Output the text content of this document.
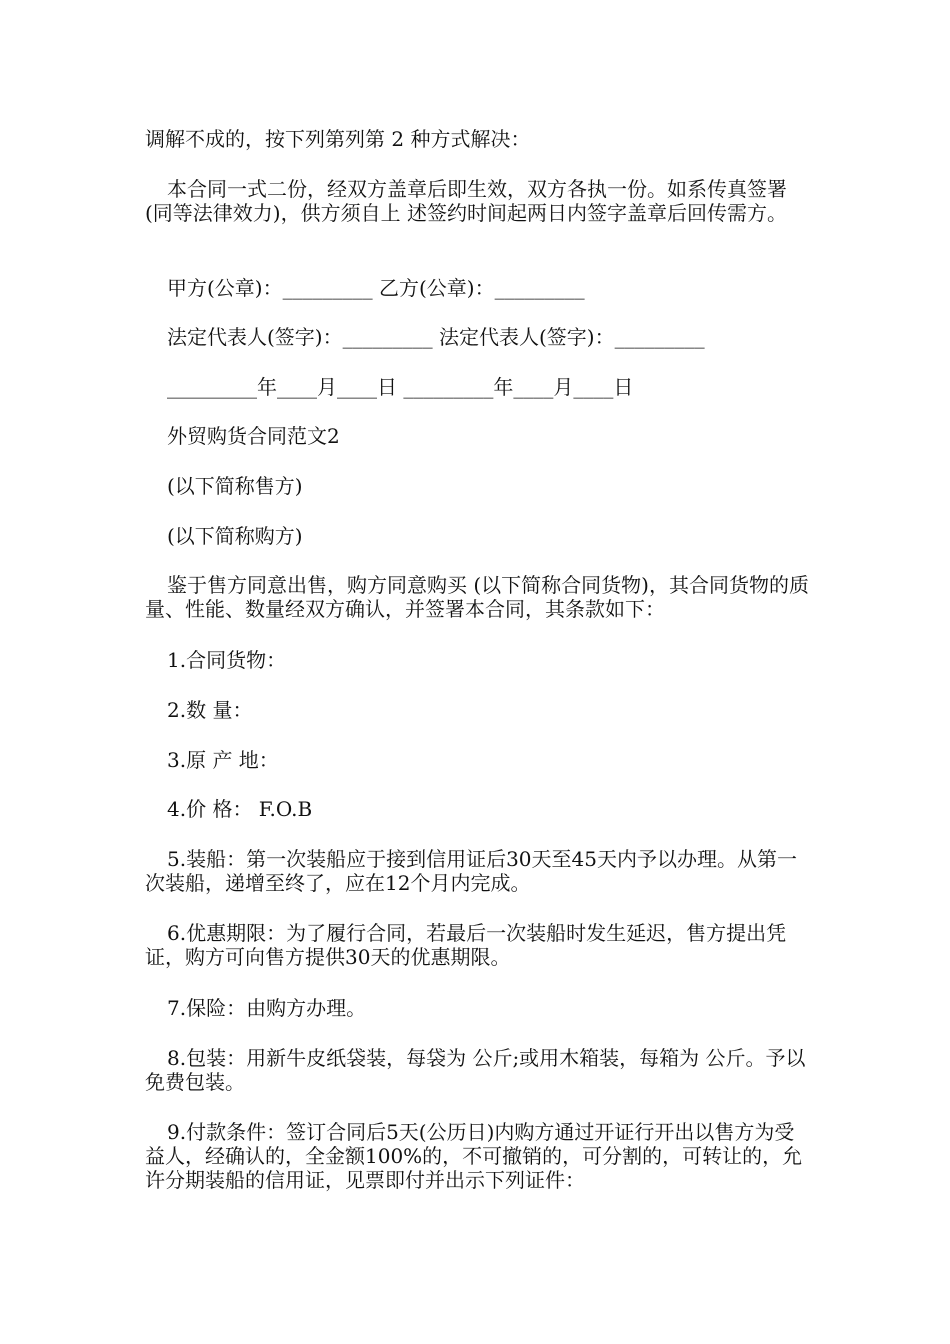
调解不成的，按下列第列第 2 种方式解决：

本合同一式二份，经双方盖章后即生效，双方各执一份。如系传真签署(同等法律效力)，供方须自上 述签约时间起两日内签字盖章后回传需方。

甲方(公章)：_________ 乙方(公章)：_________

法定代表人(签字)：_________ 法定代表人(签字)：_________

_________年____月____日 _________年____月____日

外贸购货合同范文2

(以下简称售方)

(以下简称购方)

鉴于售方同意出售，购方同意购买 (以下简称合同货物)，其合同货物的质量、性能、数量经双方确认，并签署本合同，其条款如下：

1.合同货物：

2.数 量：

3.原 产 地：

4.价 格： F.O.B

5.装船：第一次装船应于接到信用证后30天至45天内予以办理。从第一次装船，递增至终了，应在12个月内完成。

6.优惠期限：为了履行合同，若最后一次装船时发生延迟，售方提出凭证，购方可向售方提供30天的优惠期限。

7.保险：由购方办理。

8.包装：用新牛皮纸袋装，每袋为 公斤;或用木箱装，每箱为 公斤。予以免费包装。

9.付款条件：签订合同后5天(公历日)内购方通过开证行开出以售方为受益人，经确认的，全金额100%的，不可撤销的，可分割的，可转让的，允许分期装船的信用证，见票即付并出示下列证件：
